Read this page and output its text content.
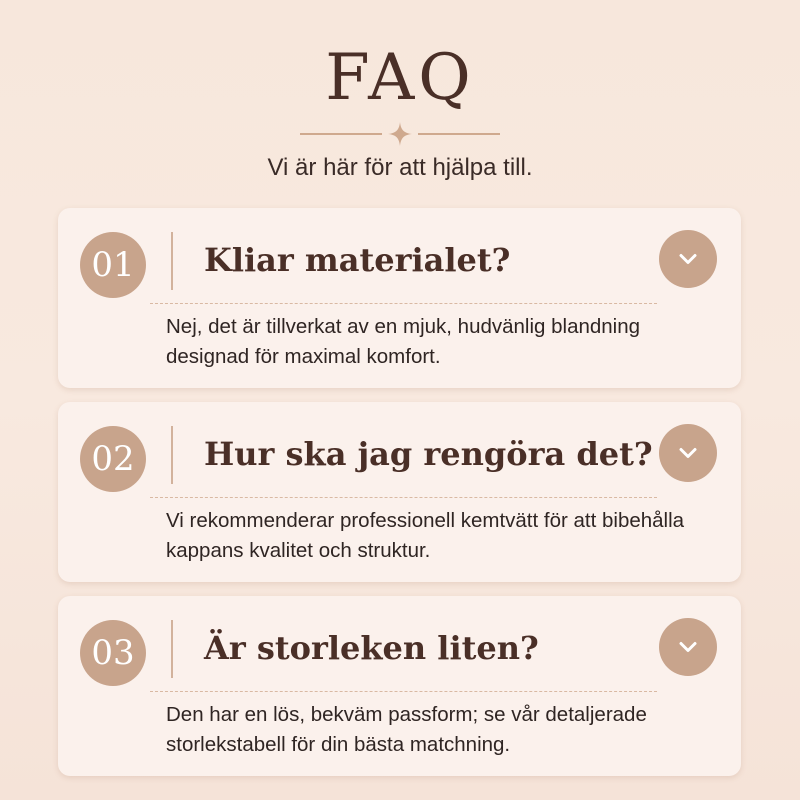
FAQ
Vi är här för att hjälpa till.
01	Kliar materialet?
Nej, det är tillverkat av en mjuk, hudvänlig blandning designad för maximal komfort.
02	Hur ska jag rengöra det?
Vi rekommenderar professionell kemtvätt för att bibehålla kappans kvalitet och struktur.
03	Är storleken liten?
Den har en lös, bekväm passform; se vår detaljerade storlekstabell för din bästa matchning.
